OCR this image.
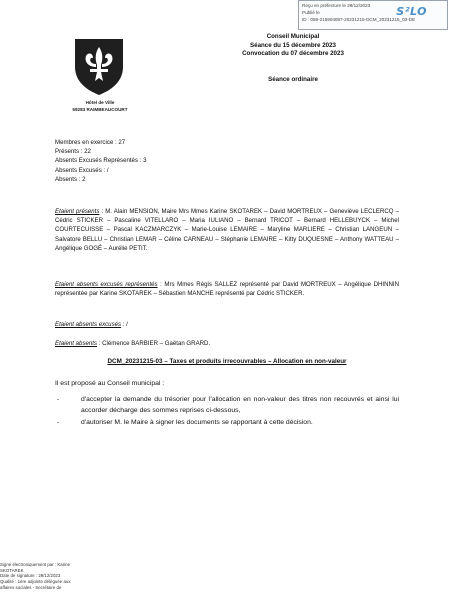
Reçu en préfecture le 29/12/2023
Publié le
ID : 059-215904897-20231215-DCM_20231215_03-DE
S²LO
Hôtel de Ville
59283 RAIMBEAUCOURT
Conseil Municipal
Séance du 15 décembre 2023
Convocation du 07 décembre 2023
Séance ordinaire
Membres en exercice : 27
Présents : 22
Absents Excusés Représentés : 3
Absents Excusés : /
Absents : 2
Etaient présents : M. Alain MENSION, Maire Mrs Mmes Karine SKOTAREK – David MORTREUX – Geneviève LECLERCQ – Cédric STICKER – Pascaline VITELLARO – Maria IULIANO – Bernard TRICOT – Bernard HELLEBUYCK – Michel COURTECUISSE – Pascal KACZMARCZYK – Marie-Louise LEMAIRE – Maryline MARLIERE – Christian LANGEUN – Salvatore BELLU – Christian LEMAR – Céline CARNEAU – Stéphanie LEMAIRE – Kitty DUQUESNE – Anthony WATTEAU – Angélique GOGÉ – Aurélie PETIT.
Etaient absents excusés représentés : Mrs Mmes Régis SALLEZ représenté par David MORTREUX – Angélique DHINNIN représentée par Karine SKOTAREK – Sébastien MANCHE représenté par Cédric STICKER.
Etaient absents excusés : /
Etaient absents : Clémence BARBIER – Gaëtan GRARD.
DCM_20231215-03 – Taxes et produits irrecouvrables – Allocation en non-valeur
Il est proposé au Conseil municipal :
-	d'accepter la demande du trésorier pour l'allocation en non-valeur des titres non recouvrés et ainsi lui accorder décharge des sommes reprises ci-dessous,
-	d'autoriser M. le Maire à signer les documents se rapportant à cette décision.
Signé électroniquement par : Karine
SKOTAREK
Date de signature : 29/12/2023
Qualité : 1ère adjointe déléguée aux
affaires sociales - Secrétaire de
